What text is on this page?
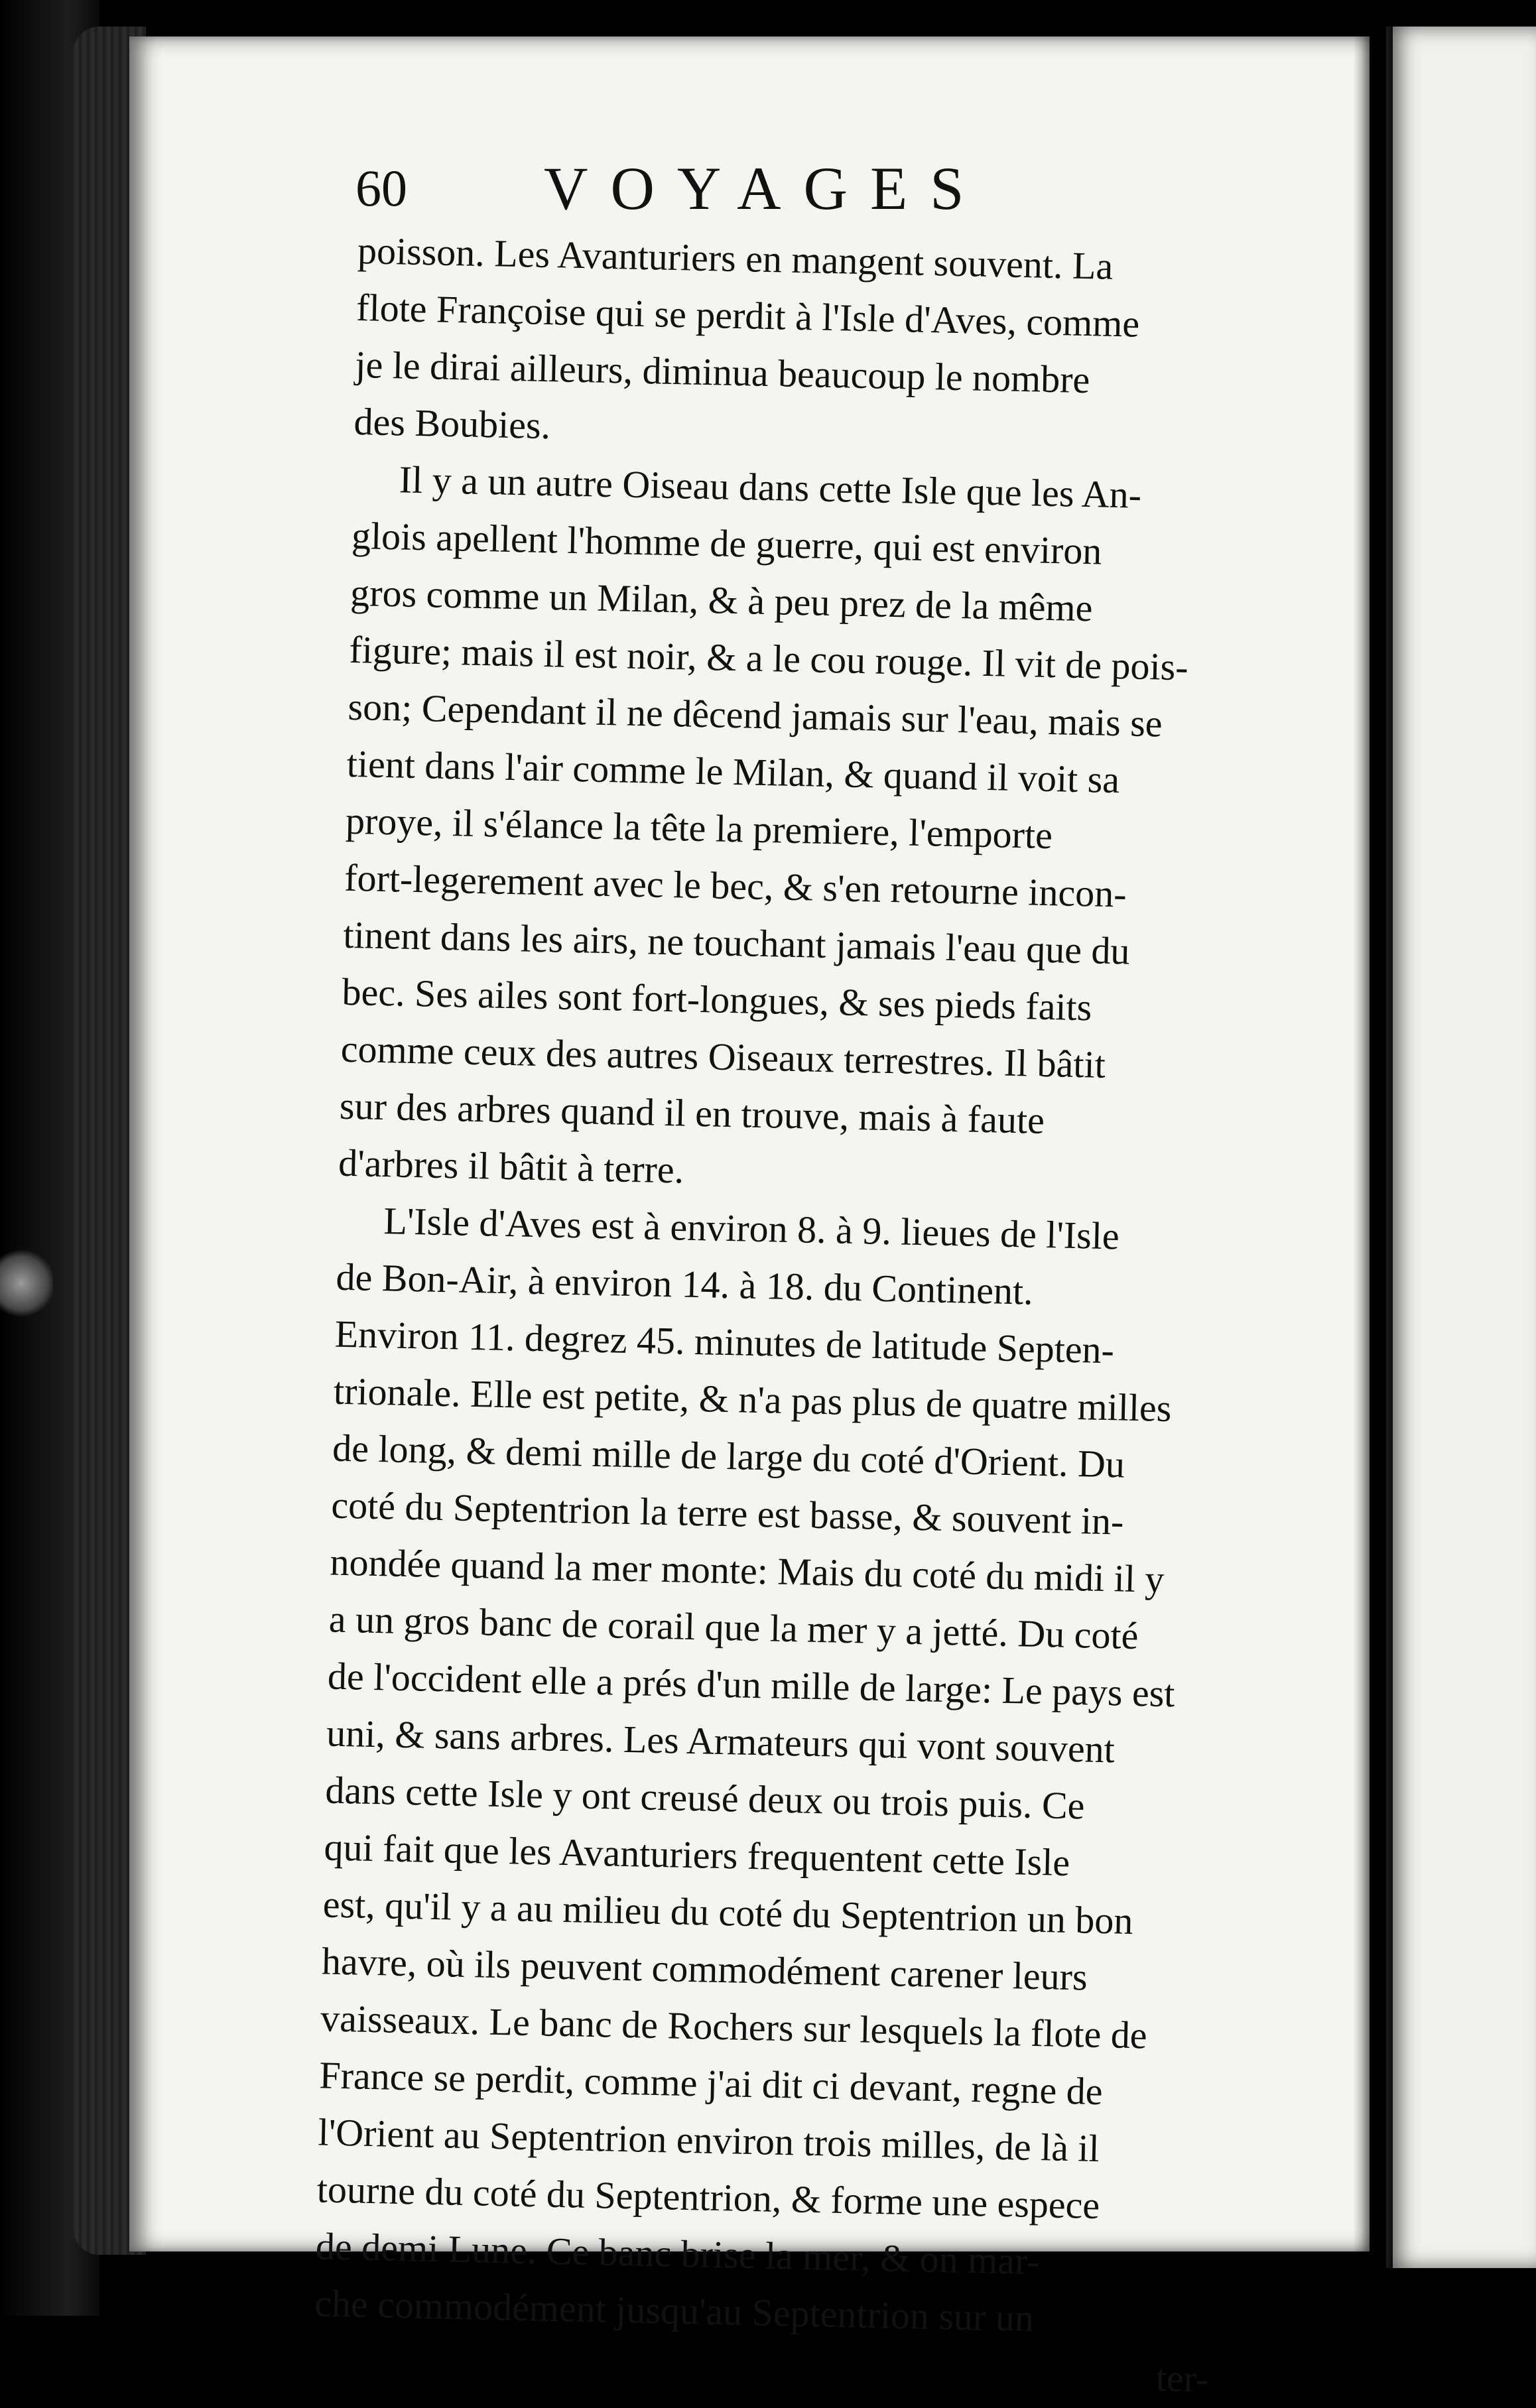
60 VOYAGES
poisson. Les Avanturiers en mangent souvent. La
flote Françoise qui se perdit à l'Isle d'Aves, comme
je le dirai ailleurs, diminua beaucoup le nombre
des Boubies.
Il y a un autre Oiseau dans cette Isle que les An-
glois apellent l'homme de guerre, qui est environ
gros comme un Milan, & à peu prez de la même
figure; mais il est noir, & a le cou rouge. Il vit de pois-
son; Cependant il ne dêcend jamais sur l'eau, mais se
tient dans l'air comme le Milan, & quand il voit sa
proye, il s'élance la tête la premiere, l'emporte
fort-legerement avec le bec, & s'en retourne incon-
tinent dans les airs, ne touchant jamais l'eau que du
bec. Ses ailes sont fort-longues, & ses pieds faits
comme ceux des autres Oiseaux terrestres. Il bâtit
sur des arbres quand il en trouve, mais à faute
d'arbres il bâtit à terre.
L'Isle d'Aves est à environ 8. à 9. lieues de l'Isle
de Bon-Air, à environ 14. à 18. du Continent.
Environ 11. degrez 45. minutes de latitude Septen-
trionale. Elle est petite, & n'a pas plus de quatre milles
de long, & demi mille de large du coté d'Orient. Du
coté du Septentrion la terre est basse, & souvent in-
nondée quand la mer monte: Mais du coté du midi il y
a un gros banc de corail que la mer y a jetté. Du coté
de l'occident elle a prés d'un mille de large: Le pays est
uni, & sans arbres. Les Armateurs qui vont souvent
dans cette Isle y ont creusé deux ou trois puis. Ce
qui fait que les Avanturiers frequentent cette Isle
est, qu'il y a au milieu du coté du Septentrion un bon
havre, où ils peuvent commodément carener leurs
vaisseaux. Le banc de Rochers sur lesquels la flote de
France se perdit, comme j'ai dit ci devant, regne de
l'Orient au Septentrion environ trois milles, de là il
tourne du coté du Septentrion, & forme une espece
de demi Lune. Ce banc brise la mer, & on mar-
che commodément jusqu'au Septentrion sur un
ter-
